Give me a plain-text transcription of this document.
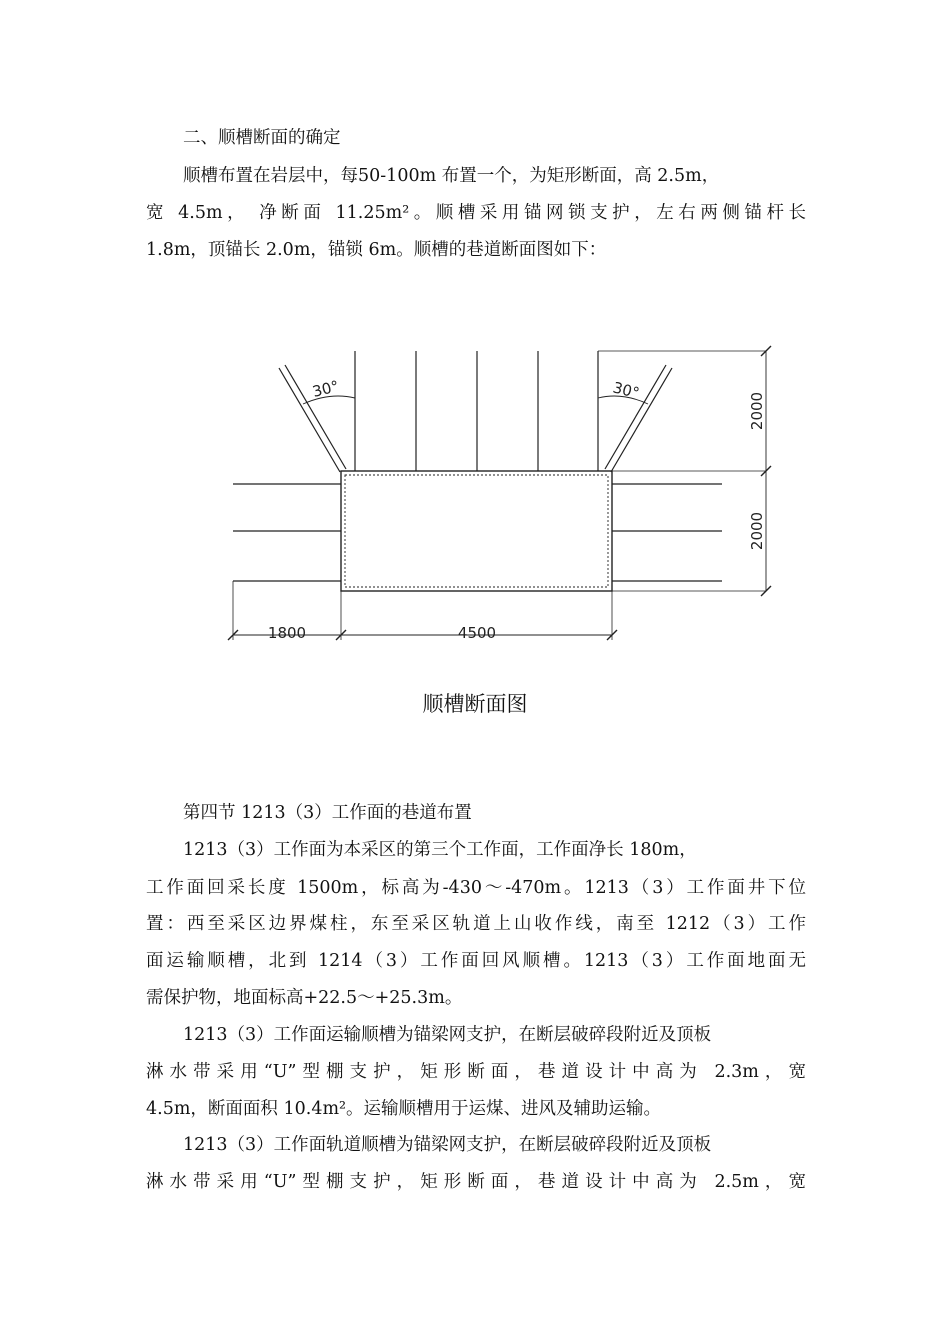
二、顺槽断面的确定
顺槽布置在岩层中，每50-100m 布置一个，为矩形断面，高 2.5m，
宽 4.5m， 净断面 11.25m²。顺槽采用锚网锁支护，左右两侧锚杆长
1.8m，顶锚长 2.0m，锚锁 6m。顺槽的巷道断面图如下：
30°	30°
2000
2000
1800	4500
顺槽断面图
第四节 1213（3）工作面的巷道布置
1213（3）工作面为本采区的第三个工作面，工作面净长 180m，
工作面回采长度 1500m，标高为-430～-470m。1213（3）工作面井下位
置：西至采区边界煤柱，东至采区轨道上山收作线，南至 1212（3）工作
面运输顺槽，北到 1214（3）工作面回风顺槽。1213（3）工作面地面无
需保护物，地面标高+22.5～+25.3m。
1213（3）工作面运输顺槽为锚梁网支护，在断层破碎段附近及顶板
淋水带采用“U”型棚支护，矩形断面，巷道设计中高为 2.3m，宽
4.5m，断面面积 10.4m²。运输顺槽用于运煤、进风及辅助运输。
1213（3）工作面轨道顺槽为锚梁网支护，在断层破碎段附近及顶板
淋水带采用“U”型棚支护，矩形断面，巷道设计中高为 2.5m，宽
